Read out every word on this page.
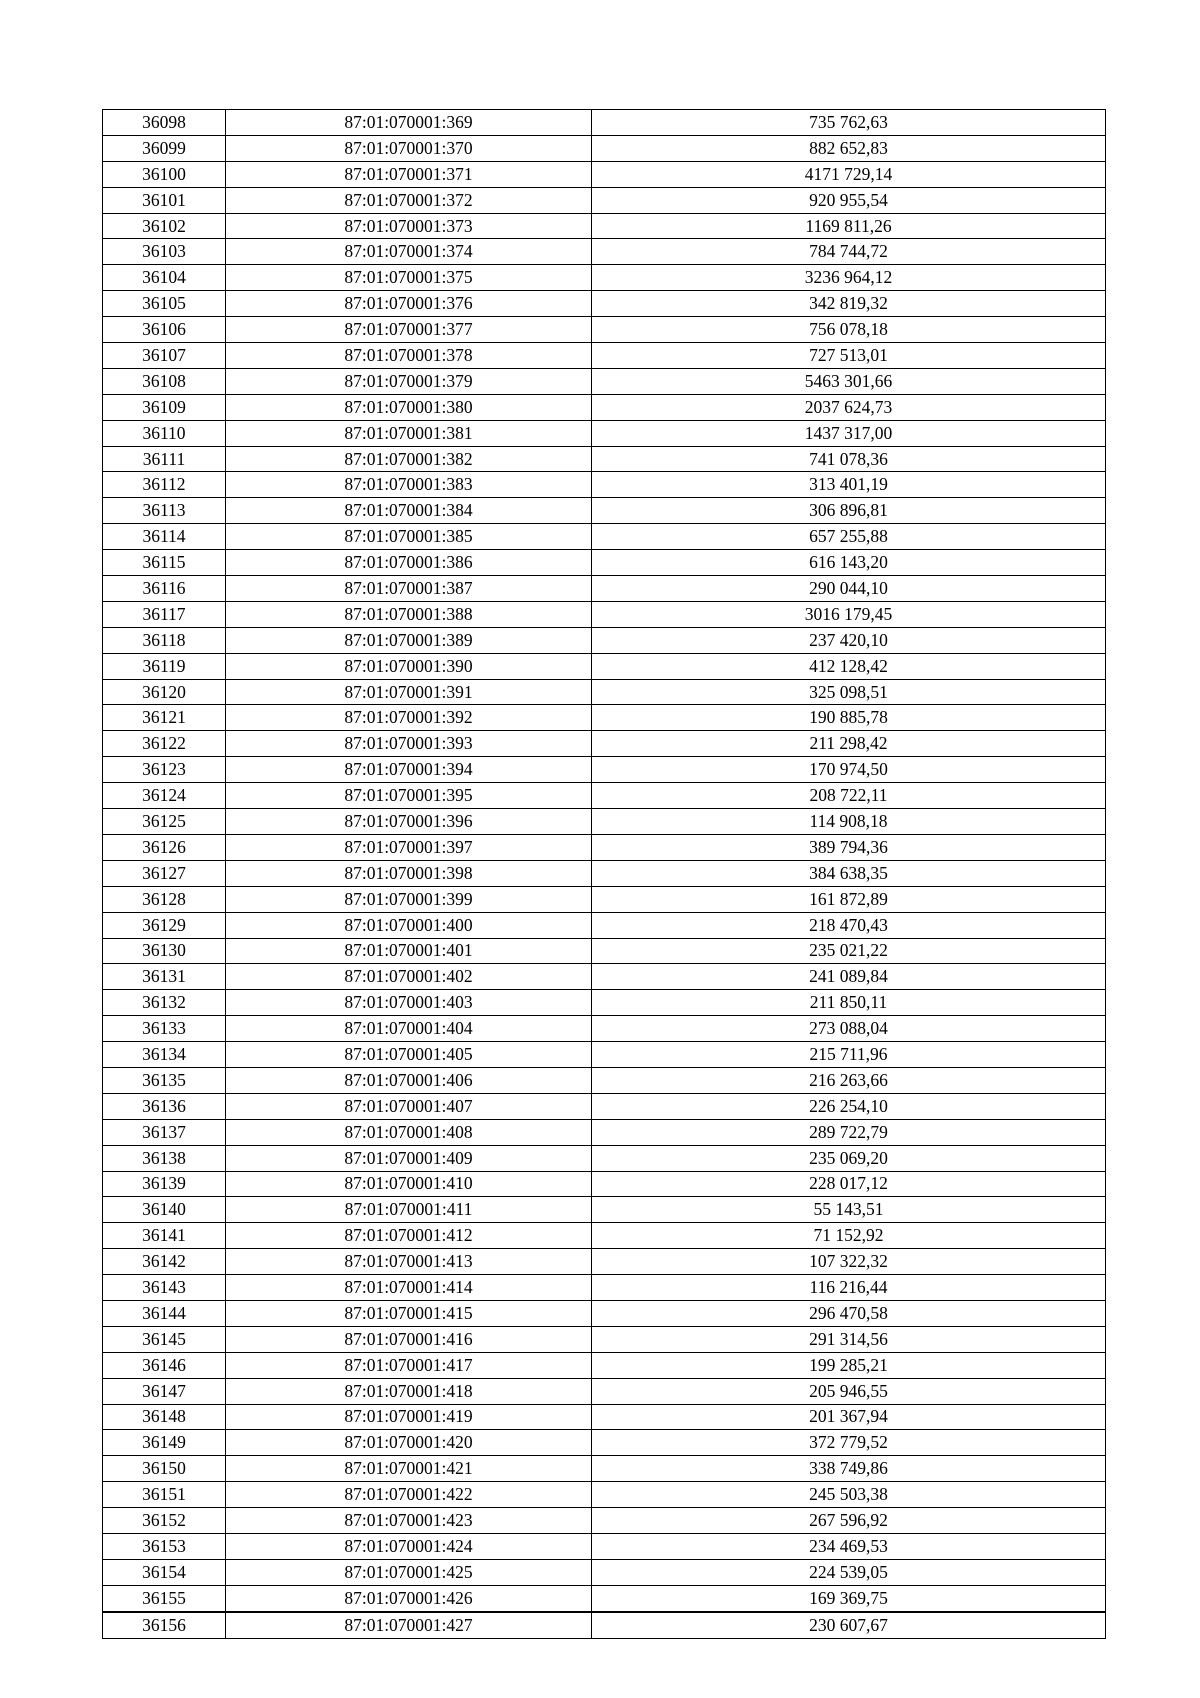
36098	87:01:070001:369	735 762,63
36099	87:01:070001:370	882 652,83
36100	87:01:070001:371	4171 729,14
36101	87:01:070001:372	920 955,54
36102	87:01:070001:373	1169 811,26
36103	87:01:070001:374	784 744,72
36104	87:01:070001:375	3236 964,12
36105	87:01:070001:376	342 819,32
36106	87:01:070001:377	756 078,18
36107	87:01:070001:378	727 513,01
36108	87:01:070001:379	5463 301,66
36109	87:01:070001:380	2037 624,73
36110	87:01:070001:381	1437 317,00
36111	87:01:070001:382	741 078,36
36112	87:01:070001:383	313 401,19
36113	87:01:070001:384	306 896,81
36114	87:01:070001:385	657 255,88
36115	87:01:070001:386	616 143,20
36116	87:01:070001:387	290 044,10
36117	87:01:070001:388	3016 179,45
36118	87:01:070001:389	237 420,10
36119	87:01:070001:390	412 128,42
36120	87:01:070001:391	325 098,51
36121	87:01:070001:392	190 885,78
36122	87:01:070001:393	211 298,42
36123	87:01:070001:394	170 974,50
36124	87:01:070001:395	208 722,11
36125	87:01:070001:396	114 908,18
36126	87:01:070001:397	389 794,36
36127	87:01:070001:398	384 638,35
36128	87:01:070001:399	161 872,89
36129	87:01:070001:400	218 470,43
36130	87:01:070001:401	235 021,22
36131	87:01:070001:402	241 089,84
36132	87:01:070001:403	211 850,11
36133	87:01:070001:404	273 088,04
36134	87:01:070001:405	215 711,96
36135	87:01:070001:406	216 263,66
36136	87:01:070001:407	226 254,10
36137	87:01:070001:408	289 722,79
36138	87:01:070001:409	235 069,20
36139	87:01:070001:410	228 017,12
36140	87:01:070001:411	55 143,51
36141	87:01:070001:412	71 152,92
36142	87:01:070001:413	107 322,32
36143	87:01:070001:414	116 216,44
36144	87:01:070001:415	296 470,58
36145	87:01:070001:416	291 314,56
36146	87:01:070001:417	199 285,21
36147	87:01:070001:418	205 946,55
36148	87:01:070001:419	201 367,94
36149	87:01:070001:420	372 779,52
36150	87:01:070001:421	338 749,86
36151	87:01:070001:422	245 503,38
36152	87:01:070001:423	267 596,92
36153	87:01:070001:424	234 469,53
36154	87:01:070001:425	224 539,05
36155	87:01:070001:426	169 369,75
36156	87:01:070001:427	230 607,67
